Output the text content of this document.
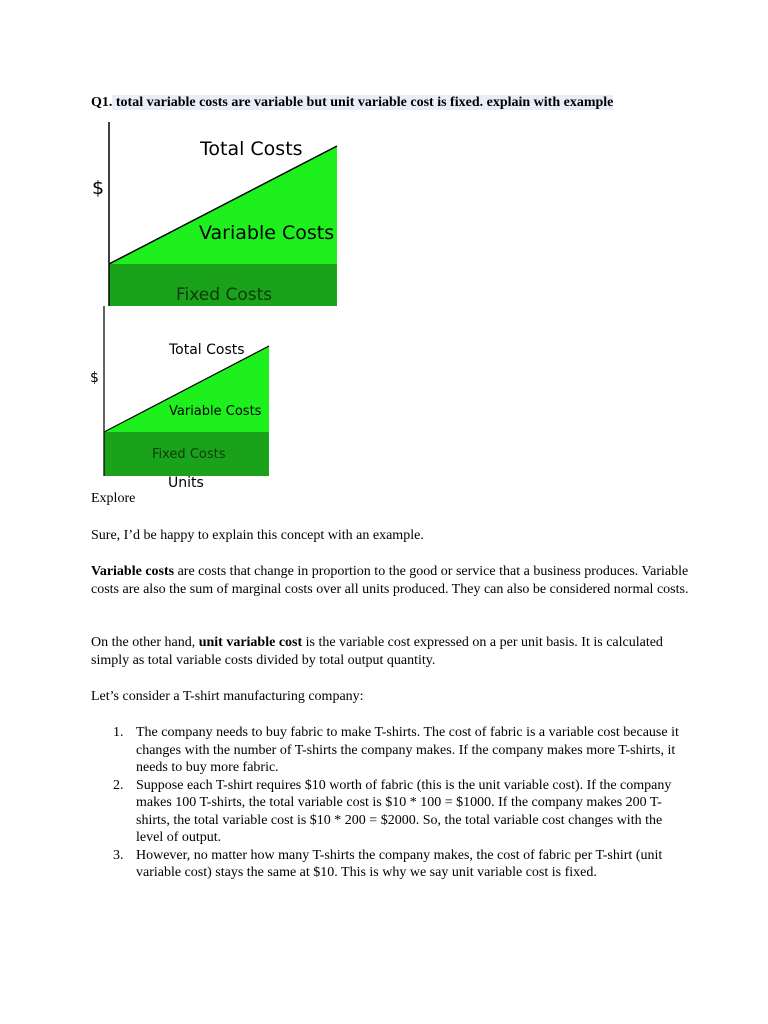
Q1. total variable costs are variable but unit variable cost is fixed. explain with example
Total Costs
$
Variable Costs
Fixed Costs
Total Costs
$
Variable Costs
Fixed Costs
Units

Explore

Sure, I’d be happy to explain this concept with an example.

Variable costs are costs that change in proportion to the good or service that a business produces. Variable costs are also the sum of marginal costs over all units produced. They can also be considered normal costs.

On the other hand, unit variable cost is the variable cost expressed on a per unit basis. It is calculated simply as total variable costs divided by total output quantity.

Let’s consider a T-shirt manufacturing company:

1. The company needs to buy fabric to make T-shirts. The cost of fabric is a variable cost because it changes with the number of T-shirts the company makes. If the company makes more T-shirts, it needs to buy more fabric.
2. Suppose each T-shirt requires $10 worth of fabric (this is the unit variable cost). If the company makes 100 T-shirts, the total variable cost is $10 * 100 = $1000. If the company makes 200 T-shirts, the total variable cost is $10 * 200 = $2000. So, the total variable cost changes with the level of output.
3. However, no matter how many T-shirts the company makes, the cost of fabric per T-shirt (unit variable cost) stays the same at $10. This is why we say unit variable cost is fixed.
